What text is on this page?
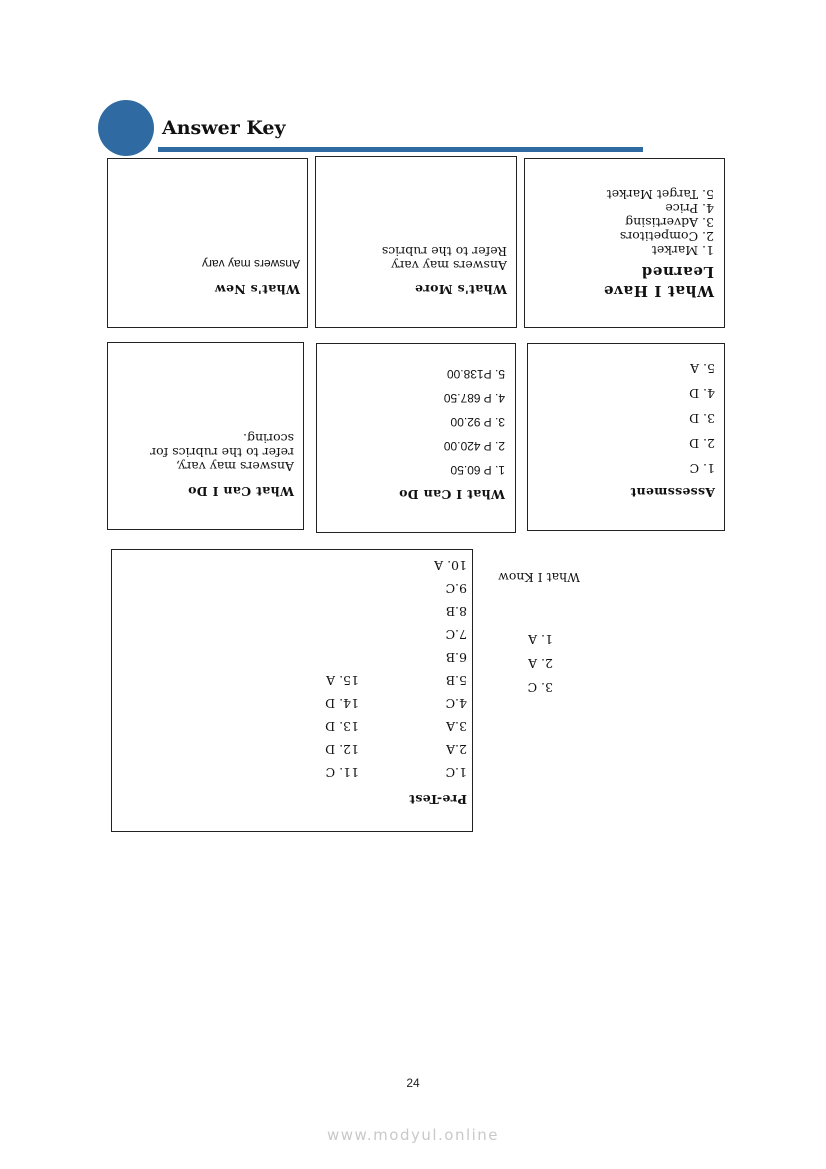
Answer Key
What's New
Answers may vary
What's More
Answers may vary
Refer to the rubrics
What I Have
Learned
1. Market
2. Competitors
3. Advertising
4. Price
5. Target Market
What Can I Do
Answers may vary,
refer to the rubrics for
scoring.
What I Can Do
1. P 60.50
2. P 420.00
3. P 92.00
4. P 687.50
5. P138.00
Assessment
1. C
2. D
3. D
4. D
5. A
Pre-Test
1.C
2.A
3.A
4.C
5.B
6.B
7.C
8.B
9.C
10. A
11. C
12. D
13. D
14. D
15. A
What I Know
1. A
2. A
3. C
24
www.modyul.online
